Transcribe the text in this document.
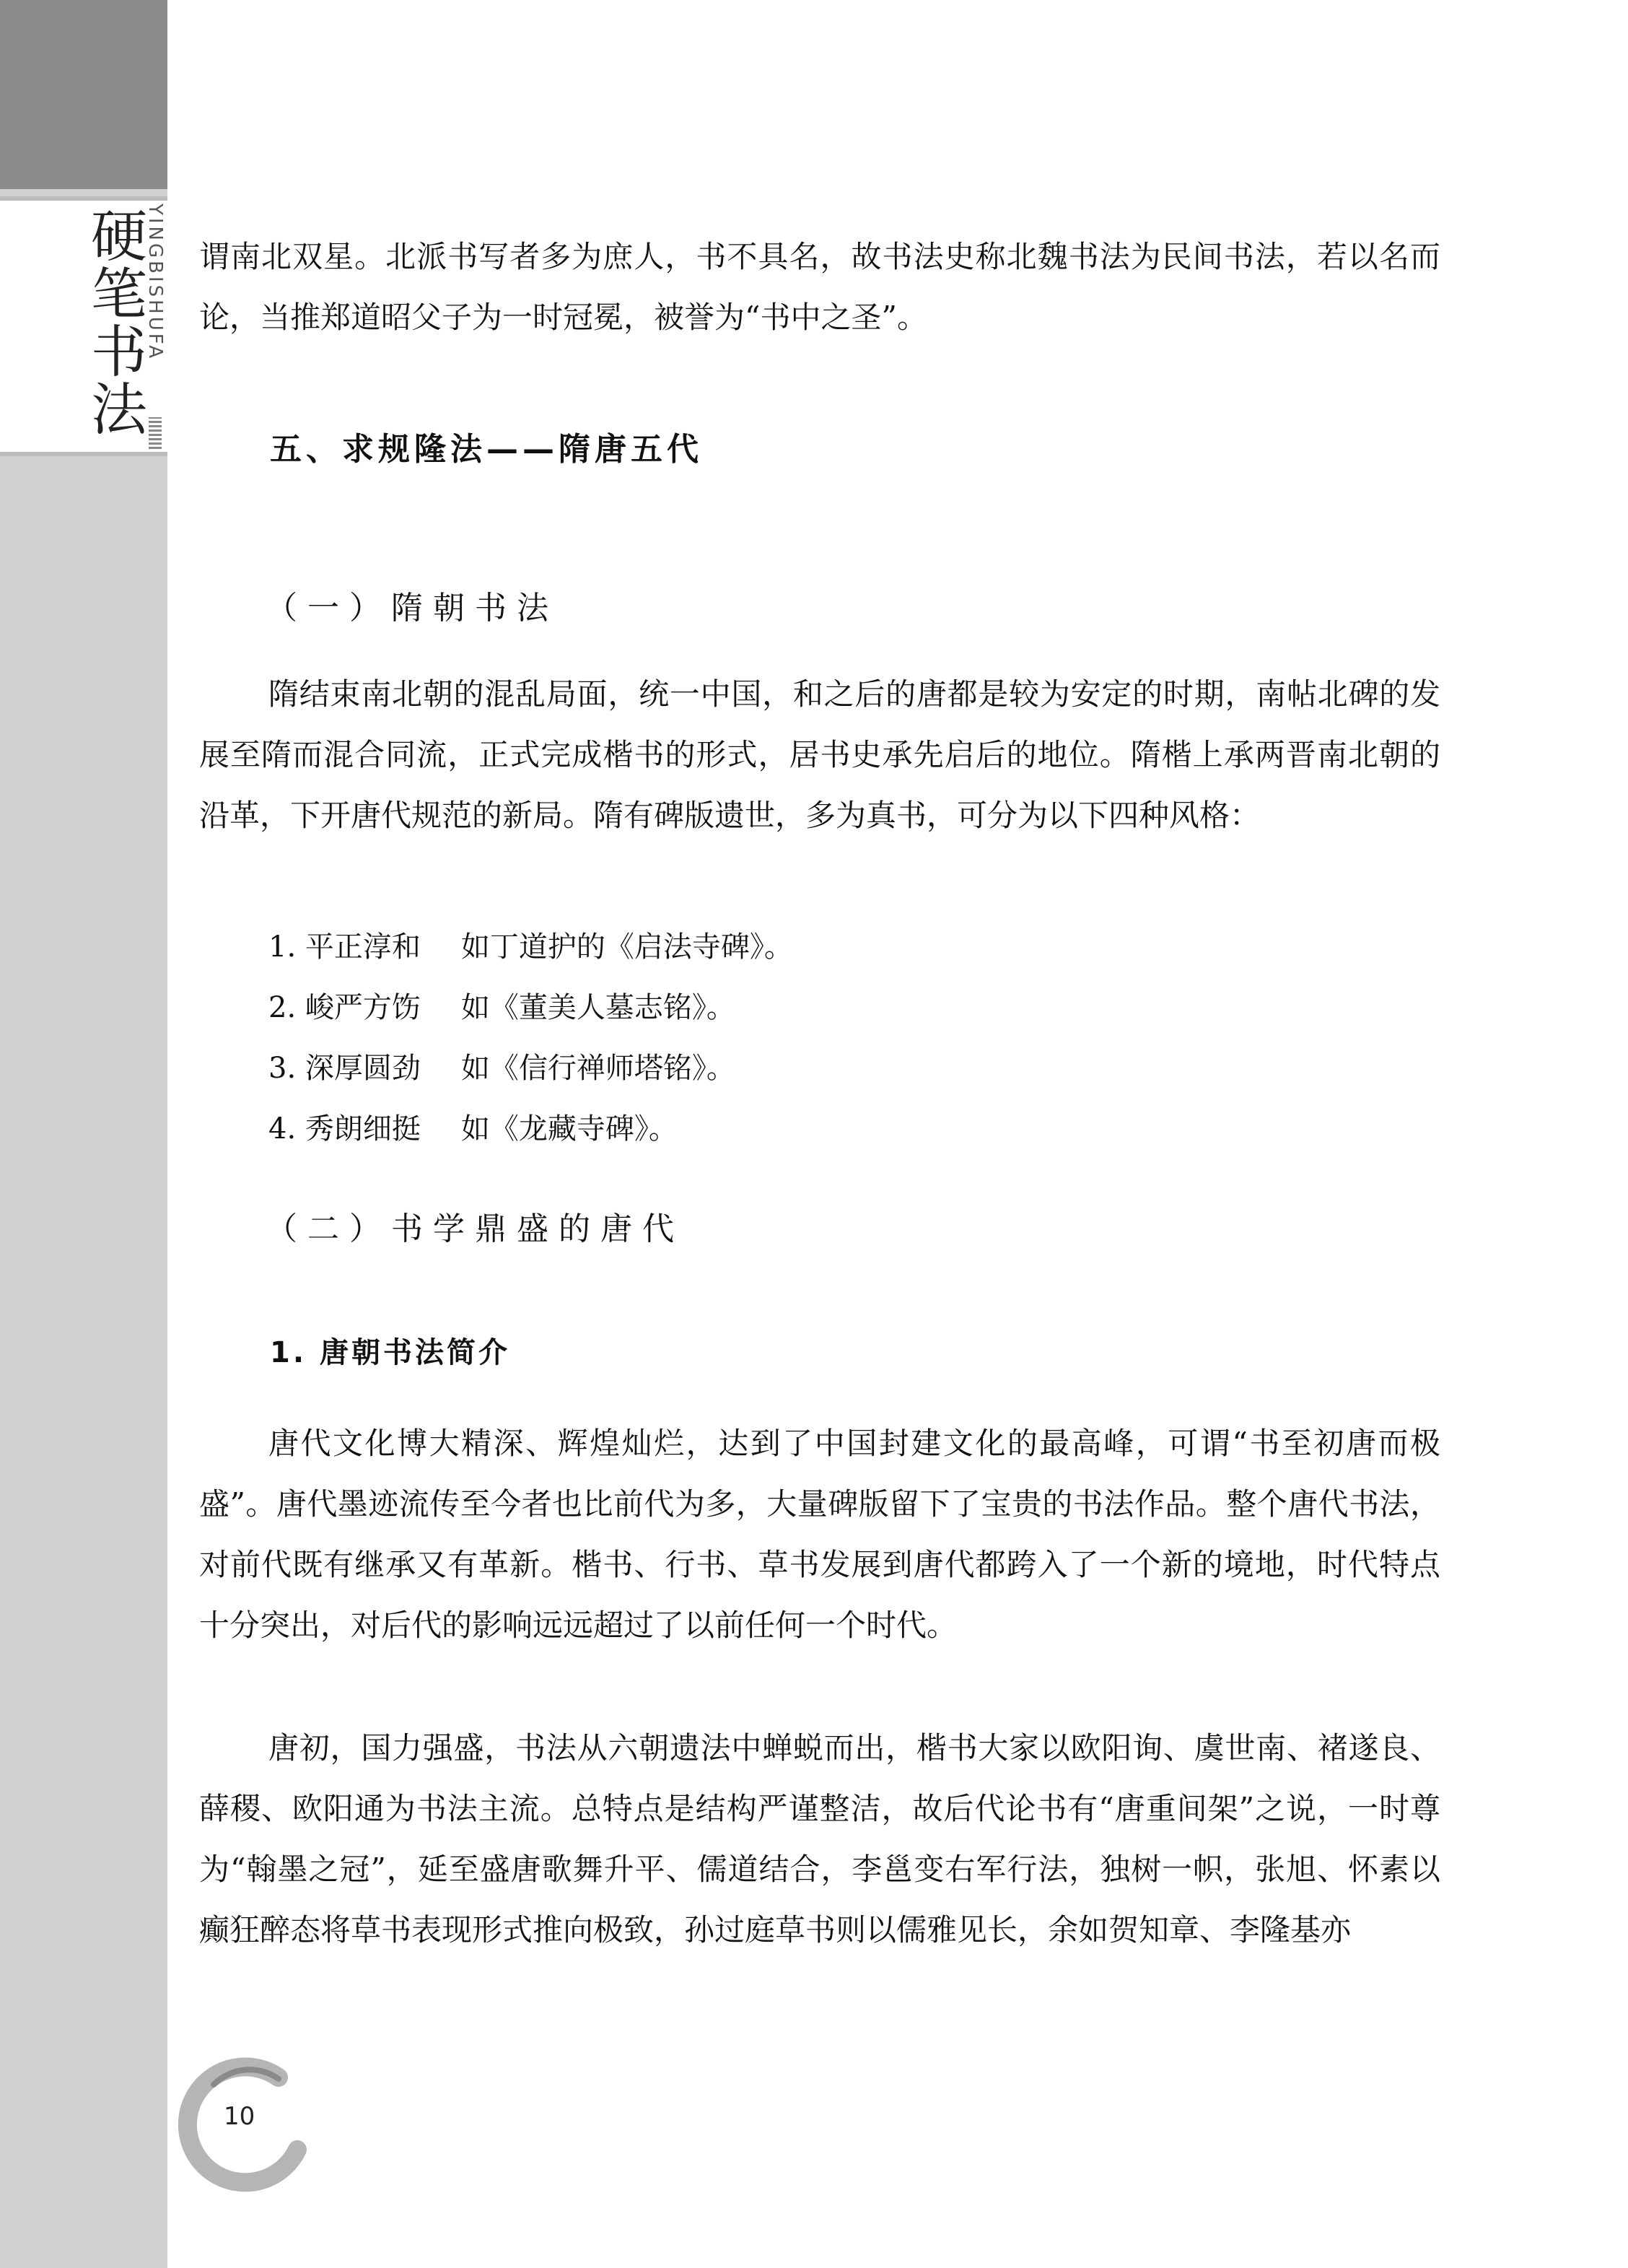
硬笔书法
YINGBISHUFA
10

谓南北双星。北派书写者多为庶人，书不具名，故书法史称北魏书法为民间书法，若以名而论，当推郑道昭父子为一时冠冕，被誉为“书中之圣”。

五、求规隆法——隋唐五代
（一）隋朝书法

隋结束南北朝的混乱局面，统一中国，和之后的唐都是较为安定的时期，南帖北碑的发展至隋而混合同流，正式完成楷书的形式，居书史承先启后的地位。隋楷上承两晋南北朝的沿革，下开唐代规范的新局。隋有碑版遗世，多为真书，可分为以下四种风格：

1. 平正淳和 如丁道护的《启法寺碑》。
2. 峻严方饬 如《董美人墓志铭》。
3. 深厚圆劲 如《信行禅师塔铭》。
4. 秀朗细挺 如《龙藏寺碑》。
（二）书学鼎盛的唐代
1. 唐朝书法简介

唐代文化博大精深、辉煌灿烂，达到了中国封建文化的最高峰，可谓“书至初唐而极盛”。唐代墨迹流传至今者也比前代为多，大量碑版留下了宝贵的书法作品。整个唐代书法，对前代既有继承又有革新。楷书、行书、草书发展到唐代都跨入了一个新的境地，时代特点十分突出，对后代的影响远远超过了以前任何一个时代。

唐初，国力强盛，书法从六朝遗法中蝉蜕而出，楷书大家以欧阳询、虞世南、褚遂良、薛稷、欧阳通为书法主流。总特点是结构严谨整洁，故后代论书有“唐重间架”之说，一时尊为“翰墨之冠”，延至盛唐歌舞升平、儒道结合，李邕变右军行法，独树一帜，张旭、怀素以癫狂醉态将草书表现形式推向极致，孙过庭草书则以儒雅见长，余如贺知章、李隆基亦
